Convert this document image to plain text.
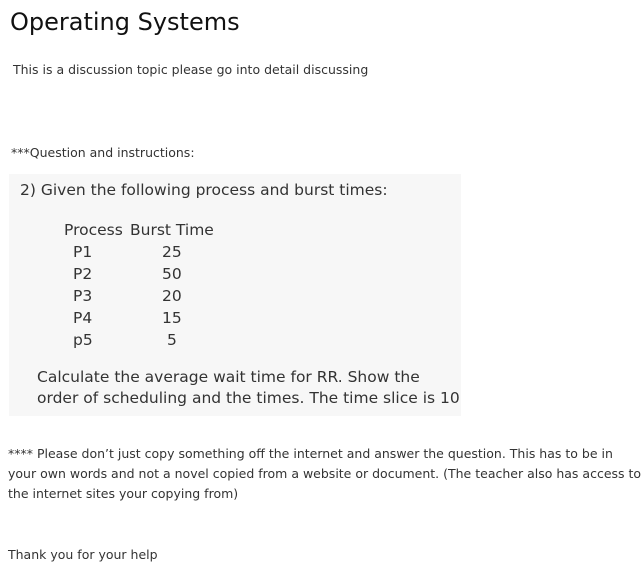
Operating Systems
This is a discussion topic please go into detail discussing
***Question and instructions:
2) Given the following process and burst times:
Process	Burst Time
P1	25
P2	50
P3	20
P4	15
p5	5
Calculate the average wait time for RR. Show the
order of scheduling and the times. The time slice is 10
**** Please don’t just copy something off the internet and answer the question. This has to be in your own words and not a novel copied from a website or document. (The teacher also has access to the internet sites your copying from)
Thank you for your help
